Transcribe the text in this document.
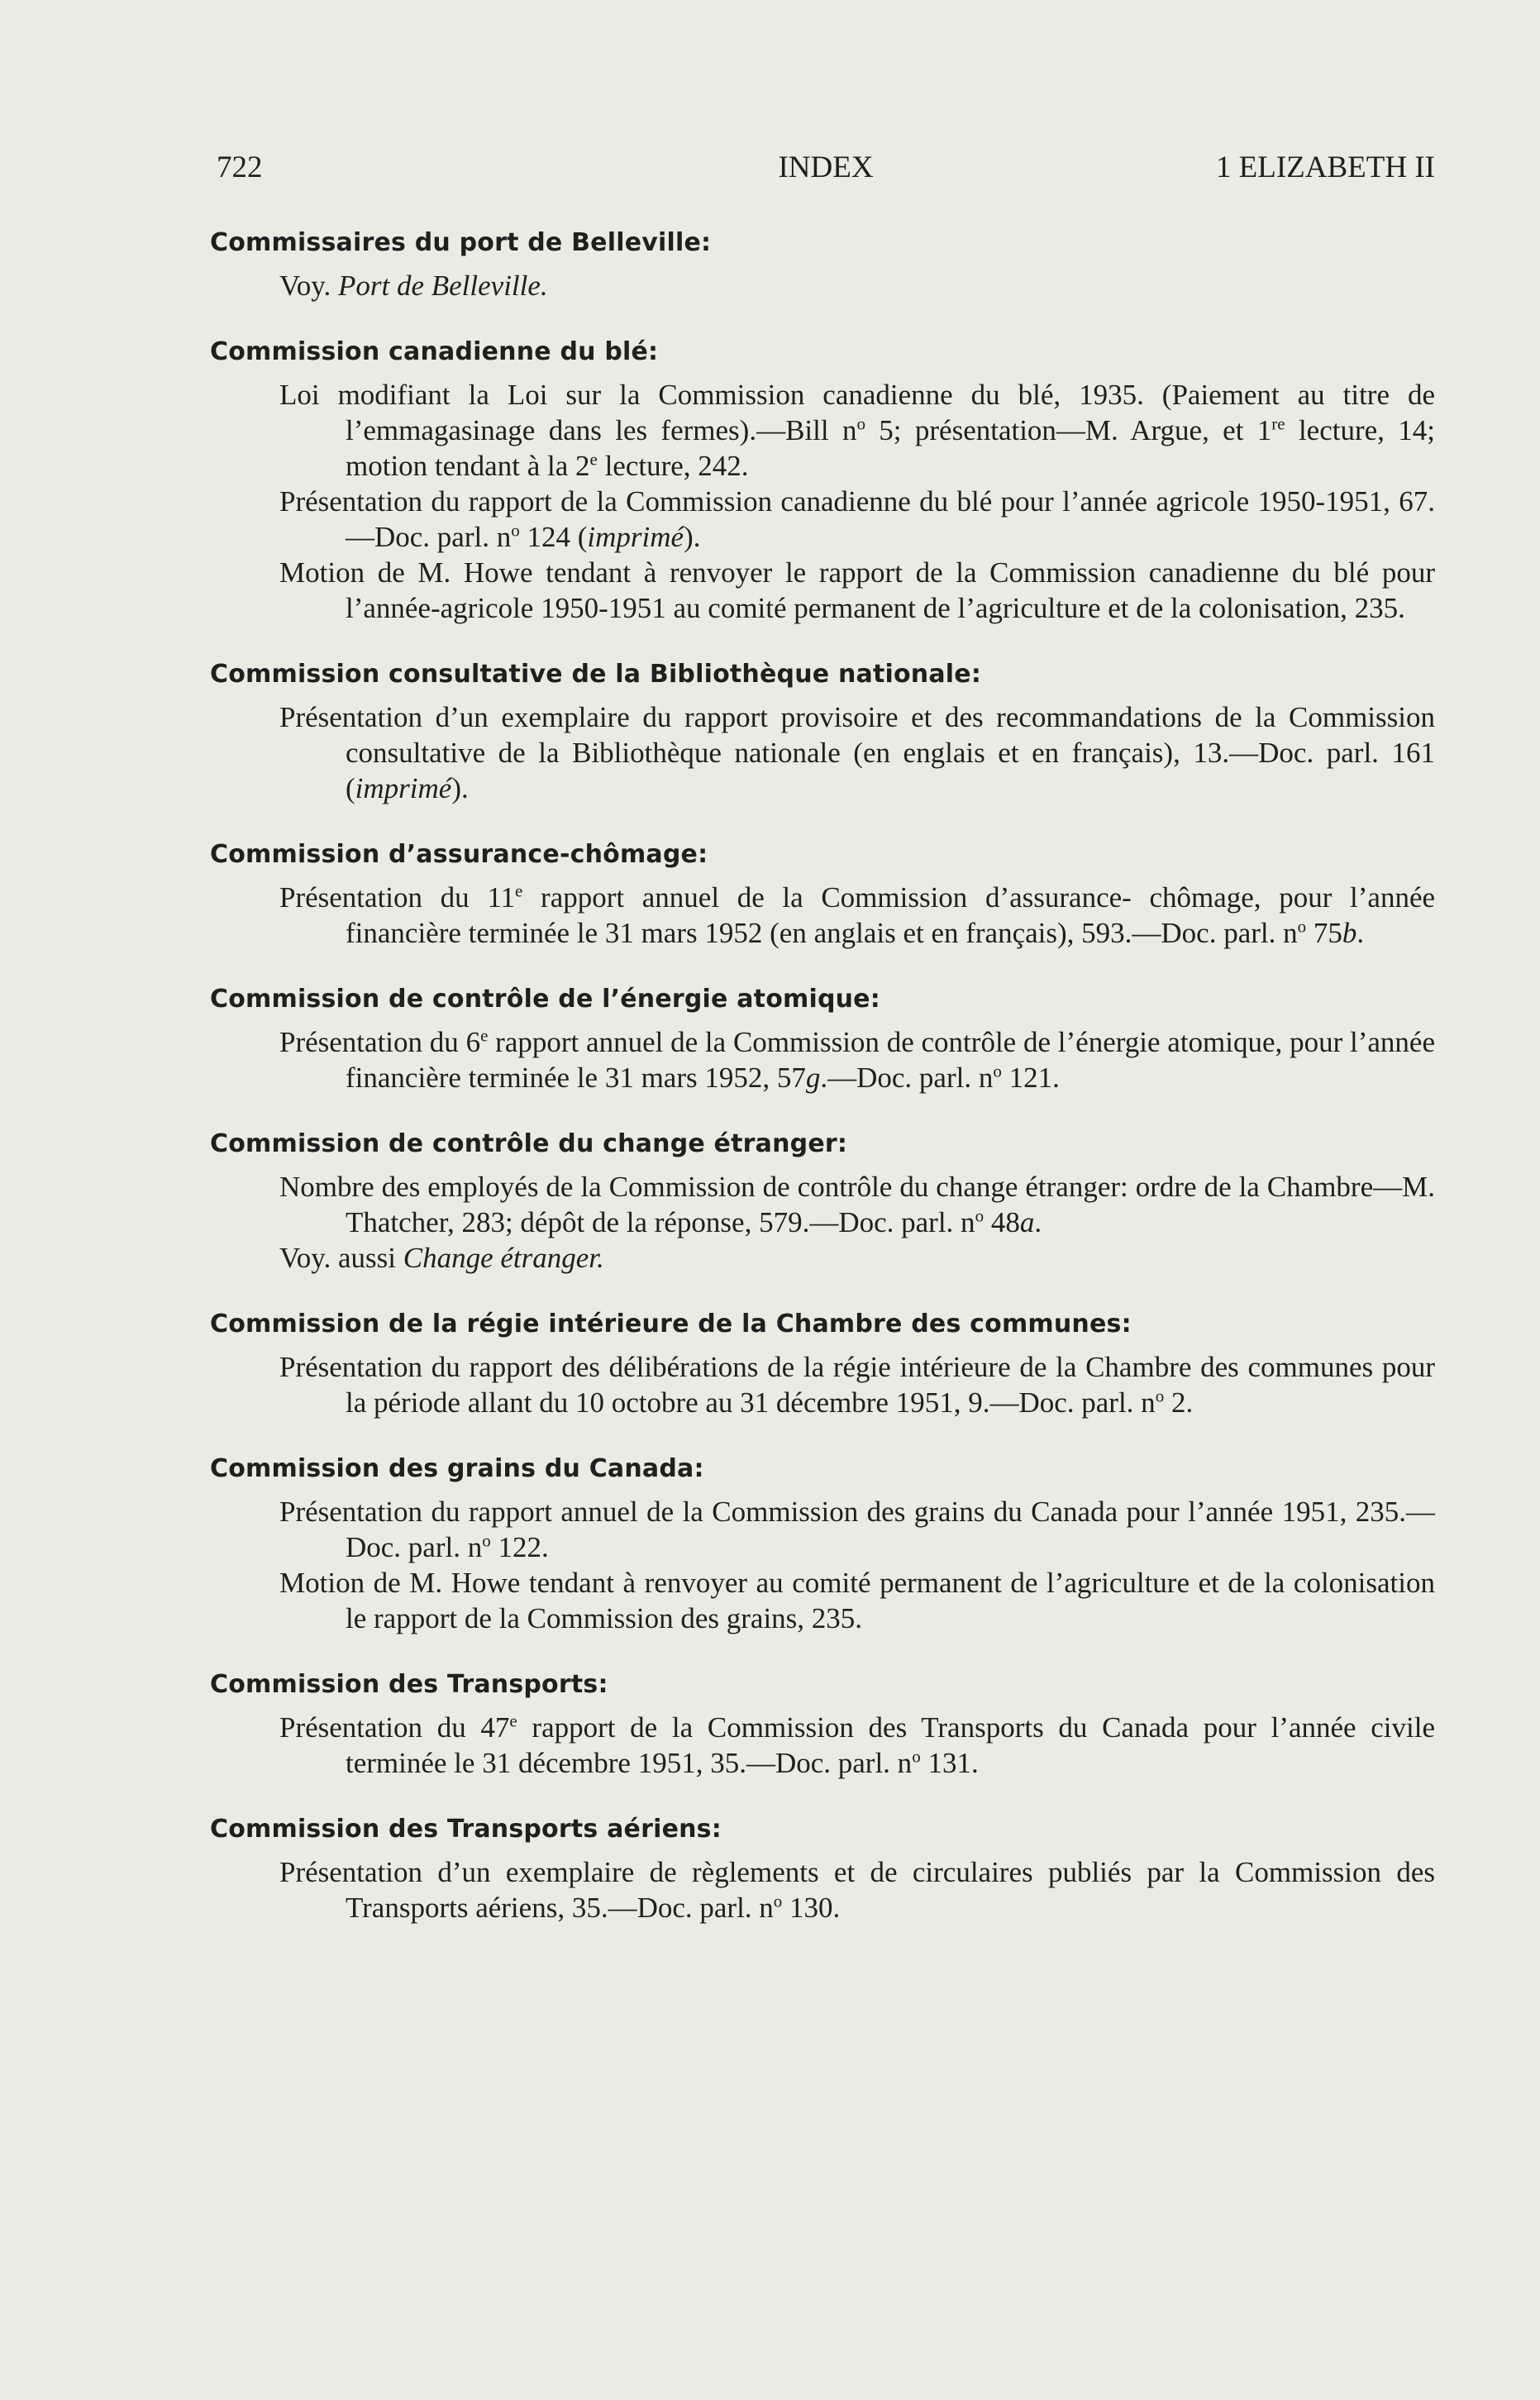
722	INDEX	1 ELIZABETH II
Commissaires du port de Belleville:
Voy. Port de Belleville.
Commission canadienne du blé:
Loi modifiant la Loi sur la Commission canadienne du blé, 1935. (Paiement au titre de l’emmagasinage dans les fermes).—Bill $n^o$ 5; présentation—M. Argue, et 1re lecture, 14; motion tendant à la 2e lecture, 242.
Présentation du rapport de la Commission canadienne du blé pour l’année agricole 1950-1951, 67.—Doc. parl. $n^o$ 124 (imprimé).
Motion de M. Howe tendant à renvoyer le rapport de la Commission canadienne du blé pour l’année-agricole 1950-1951 au comité permanent de l’agriculture et de la colonisation, 235.
Commission consultative de la Bibliothèque nationale:
Présentation d’un exemplaire du rapport provisoire et des recommandations de la Commission consultative de la Bibliothèque nationale (en englais et en français), 13.—Doc. parl. 161 (imprimé).
Commission d’assurance-chômage:
Présentation du 11e rapport annuel de la Commission d’assurance- chômage, pour l’année financière terminée le 31 mars 1952 (en anglais et en français), 593.—Doc. parl. $n^o$ 75b.
Commission de contrôle de l’énergie atomique:
Présentation du 6e rapport annuel de la Commission de contrôle de l’énergie atomique, pour l’année financière terminée le 31 mars 1952, 57g.—Doc. parl. $n^o$ 121.
Commission de contrôle du change étranger:
Nombre des employés de la Commission de contrôle du change étranger: ordre de la Chambre—M. Thatcher, 283; dépôt de la réponse, 579.—Doc. parl. $n^o$ 48a.
Voy. aussi Change étranger.
Commission de la régie intérieure de la Chambre des communes:
Présentation du rapport des délibérations de la régie intérieure de la Chambre des communes pour la période allant du 10 octobre au 31 décembre 1951, 9.—Doc. parl. $n^o$ 2.
Commission des grains du Canada:
Présentation du rapport annuel de la Commission des grains du Canada pour l’année 1951, 235.—Doc. parl. $n^o$ 122.
Motion de M. Howe tendant à renvoyer au comité permanent de l’agriculture et de la colonisation le rapport de la Commission des grains, 235.
Commission des Transports:
Présentation du 47e rapport de la Commission des Transports du Canada pour l’année civile terminée le 31 décembre 1951, 35.—Doc. parl. $n^o$ 131.
Commission des Transports aériens:
Présentation d’un exemplaire de règlements et de circulaires publiés par la Commission des Transports aériens, 35.—Doc. parl. $n^o$ 130.
